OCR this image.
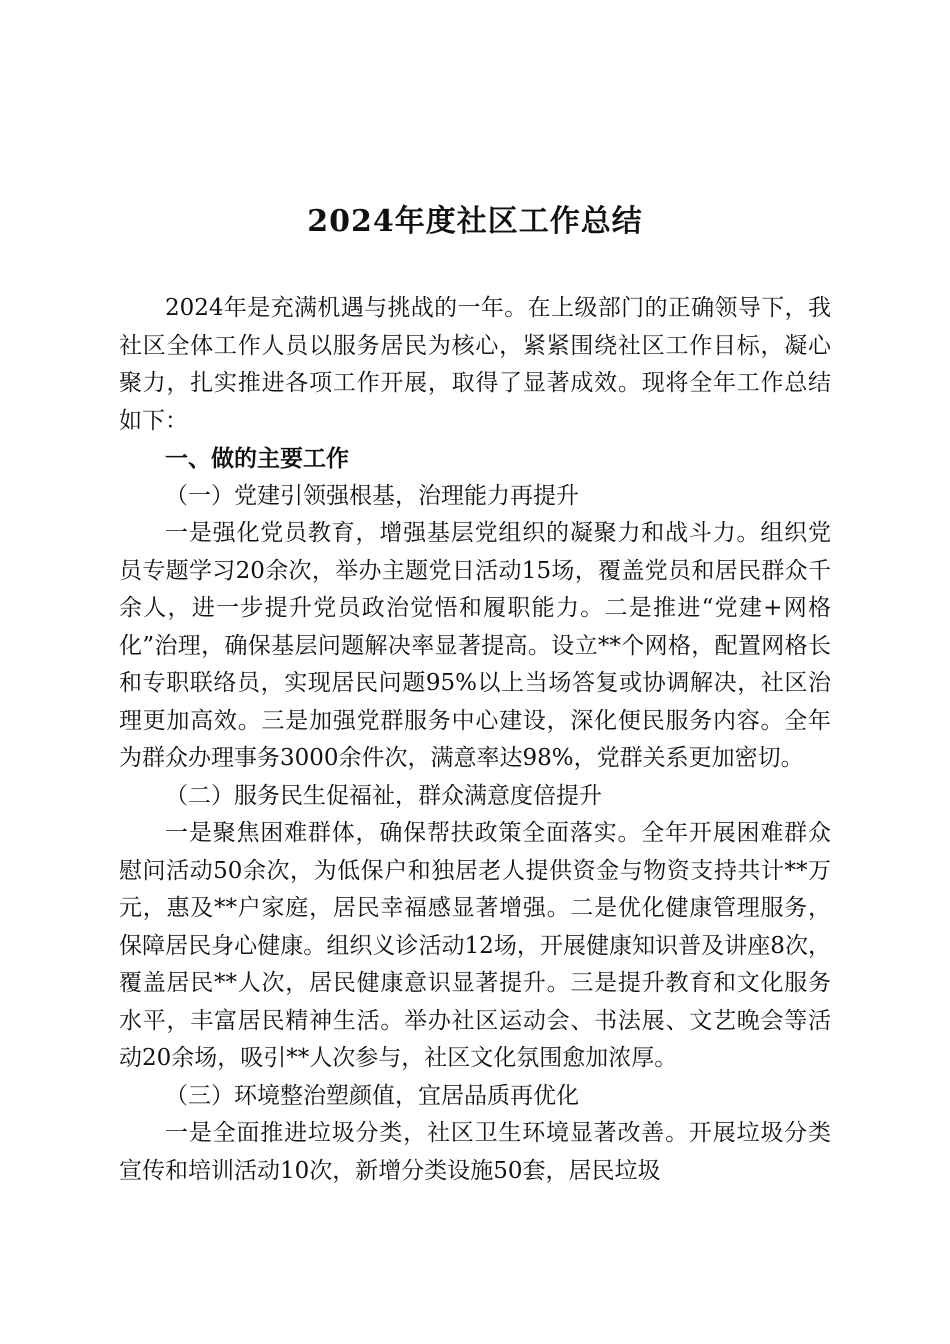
2024年度社区工作总结

2024年是充满机遇与挑战的一年。在上级部门的正确领导下，我社区全体工作人员以服务居民为核心，紧紧围绕社区工作目标，凝心聚力，扎实推进各项工作开展，取得了显著成效。现将全年工作总结如下：

一、做的主要工作

（一）党建引领强根基，治理能力再提升

一是强化党员教育，增强基层党组织的凝聚力和战斗力。组织党员专题学习20余次，举办主题党日活动15场，覆盖党员和居民群众千余人，进一步提升党员政治觉悟和履职能力。二是推进“党建+网格化”治理，确保基层问题解决率显著提高。设立**个网格，配置网格长和专职联络员，实现居民问题95%以上当场答复或协调解决，社区治理更加高效。三是加强党群服务中心建设，深化便民服务内容。全年为群众办理事务3000余件次，满意率达98%，党群关系更加密切。

（二）服务民生促福祉，群众满意度倍提升

一是聚焦困难群体，确保帮扶政策全面落实。全年开展困难群众慰问活动50余次，为低保户和独居老人提供资金与物资支持共计**万元，惠及**户家庭，居民幸福感显著增强。二是优化健康管理服务，保障居民身心健康。组织义诊活动12场，开展健康知识普及讲座8次，覆盖居民**人次，居民健康意识显著提升。三是提升教育和文化服务水平，丰富居民精神生活。举办社区运动会、书法展、文艺晚会等活动20余场，吸引**人次参与，社区文化氛围愈加浓厚。

（三）环境整治塑颜值，宜居品质再优化

一是全面推进垃圾分类，社区卫生环境显著改善。开展垃圾分类宣传和培训活动10次，新增分类设施50套，居民垃圾
